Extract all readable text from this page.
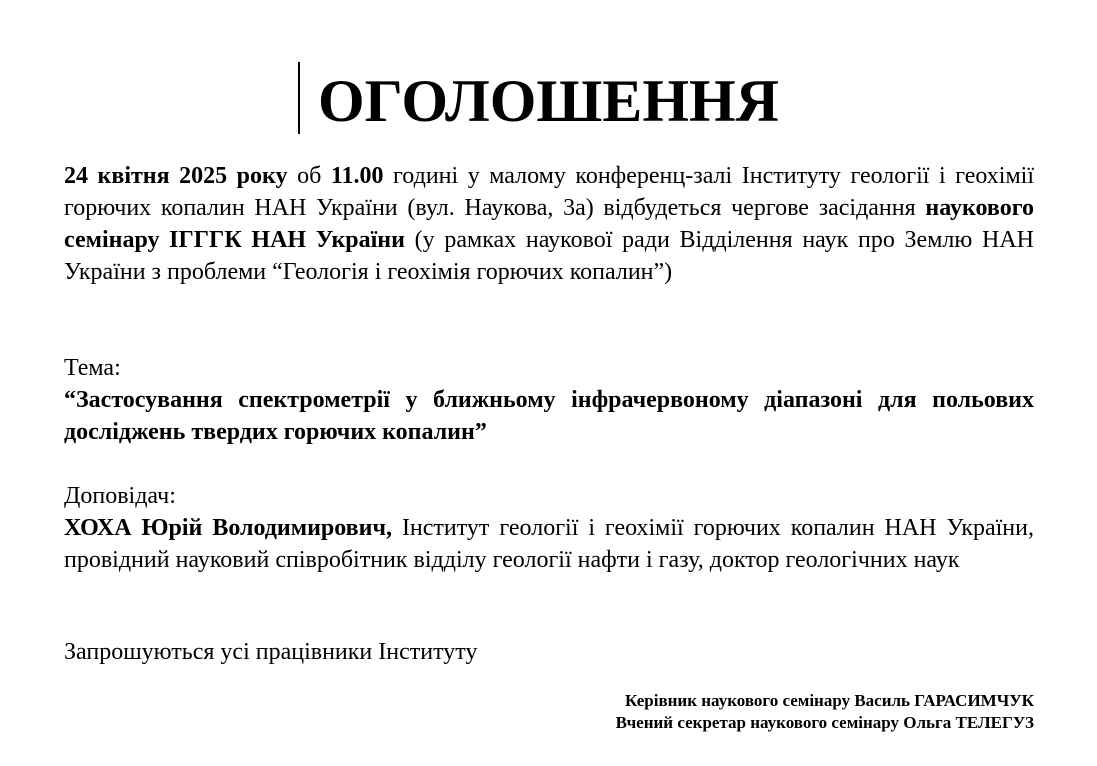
ОГОЛОШЕННЯ
24 квітня 2025 року об 11.00 годині у малому конференц-залі Інституту геології і геохімії горючих копалин НАН України (вул. Наукова, 3а) відбудеться чергове засідання наукового семінару ІГГГК НАН України (у рамках наукової ради Відділення наук про Землю НАН України з проблеми “Геологія і геохімія горючих копалин”)
Тема:
“Застосування спектрометрії у ближньому інфрачервоному діапазоні для польових досліджень твердих горючих копалин”
Доповідач:
ХОХА Юрій Володимирович, Інститут геології і геохімії горючих копалин НАН України, провідний науковий співробітник відділу геології нафти і газу, доктор геологічних наук
Запрошуються усі працівники Інституту
Керівник наукового семінару Василь ГАРАСИМЧУК
Вчений секретар наукового семінару Ольга ТЕЛЕГУЗ
